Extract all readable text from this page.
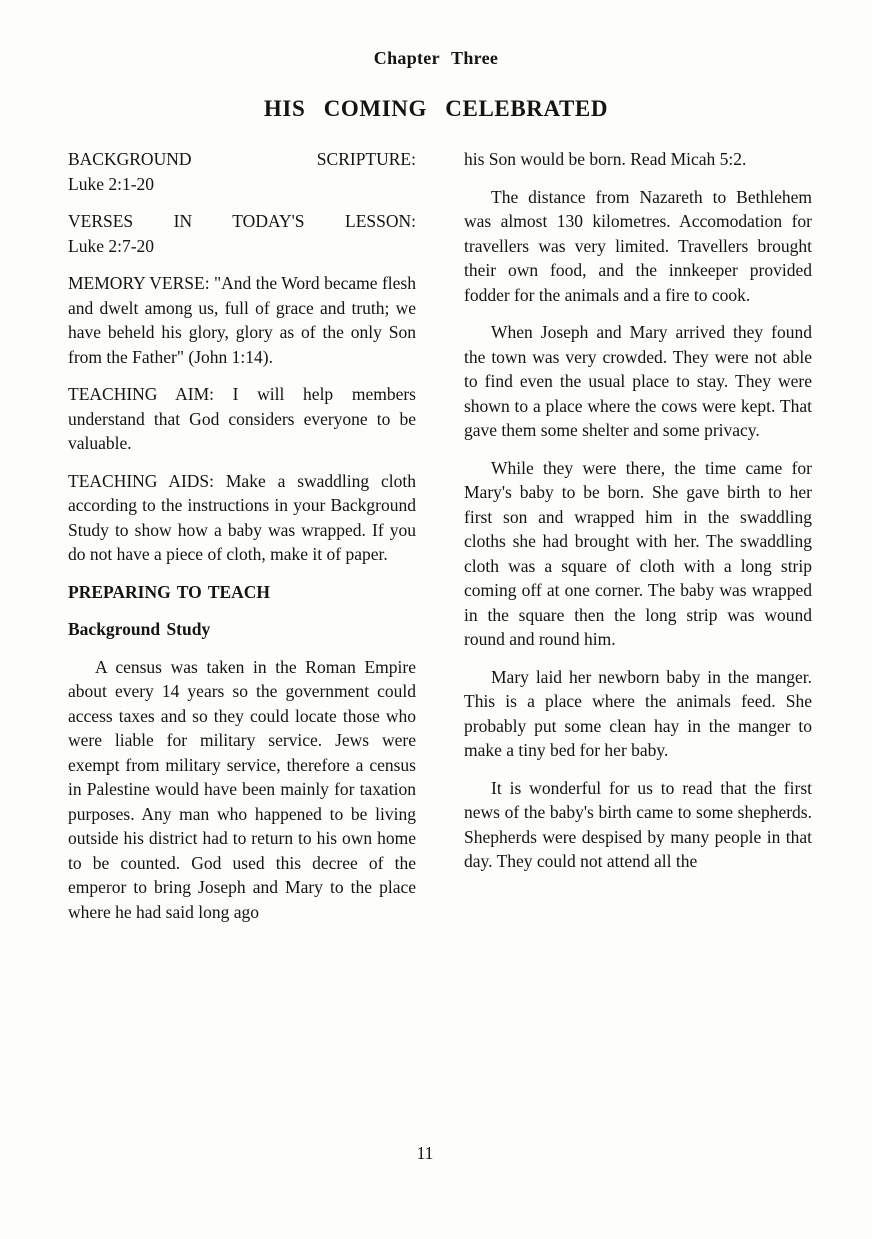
Chapter Three
HIS COMING CELEBRATED

BACKGROUND SCRIPTURE:
Luke 2:1-20

VERSES IN TODAY'S LESSON:
Luke 2:7-20

MEMORY VERSE: "And the Word became flesh and dwelt among us, full of grace and truth; we have beheld his glory, glory as of the only Son from the Father" (John 1:14).

TEACHING AIM: I will help members understand that God considers everyone to be valuable.

TEACHING AIDS: Make a swaddling cloth according to the instructions in your Background Study to show how a baby was wrapped. If you do not have a piece of cloth, make it of paper.

PREPARING TO TEACH

Background Study

A census was taken in the Roman Empire about every 14 years so the government could access taxes and so they could locate those who were liable for military service. Jews were exempt from military service, therefore a census in Palestine would have been mainly for taxation purposes. Any man who happened to be living outside his district had to return to his own home to be counted. God used this decree of the emperor to bring Joseph and Mary to the place where he had said long ago

his Son would be born. Read Micah 5:2.

The distance from Nazareth to Bethlehem was almost 130 kilometres. Accomodation for travellers was very limited. Travellers brought their own food, and the innkeeper provided fodder for the animals and a fire to cook.

When Joseph and Mary arrived they found the town was very crowded. They were not able to find even the usual place to stay. They were shown to a place where the cows were kept. That gave them some shelter and some privacy.

While they were there, the time came for Mary's baby to be born. She gave birth to her first son and wrapped him in the swaddling cloths she had brought with her. The swaddling cloth was a square of cloth with a long strip coming off at one corner. The baby was wrapped in the square then the long strip was wound round and round him.

Mary laid her newborn baby in the manger. This is a place where the animals feed. She probably put some clean hay in the manger to make a tiny bed for her baby.

It is wonderful for us to read that the first news of the baby's birth came to some shepherds. Shepherds were despised by many people in that day. They could not attend all the

11
